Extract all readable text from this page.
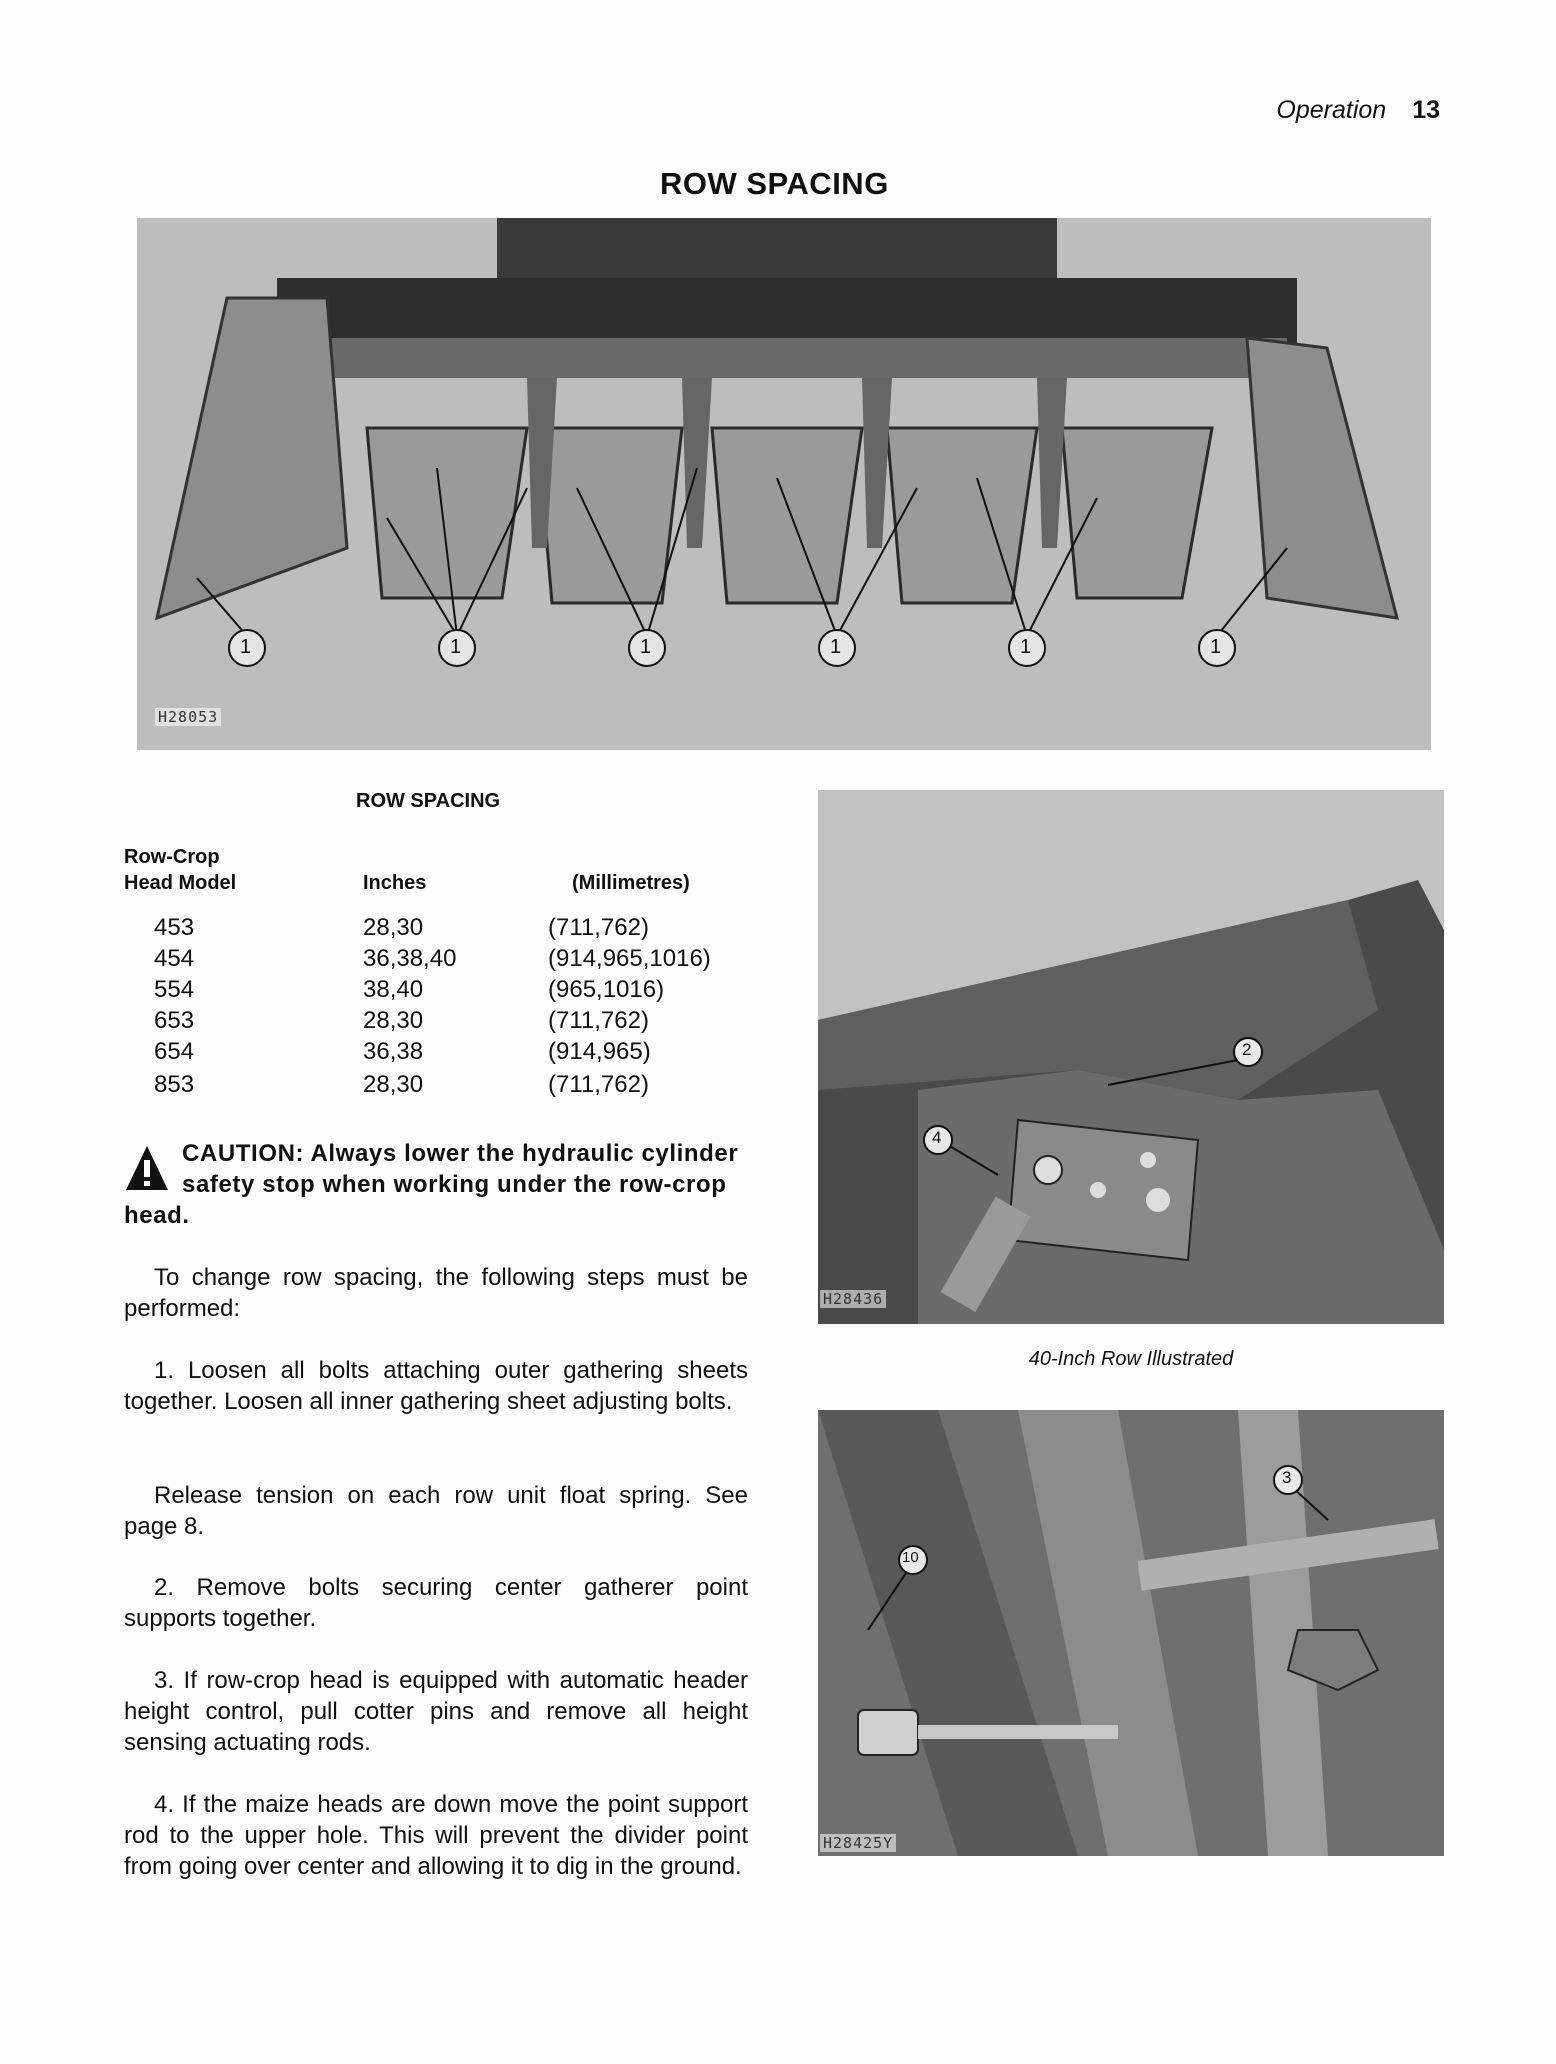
Operation 13
ROW SPACING
1	1	1	1	1	1
H28053
ROW SPACING
Row-Crop
Head Model	Inches	(Millimetres)
453	28,30	(711,762)
454	36,38,40	(914,965,1016)
554	38,40	(965,1016)
653	28,30	(711,762)
654	36,38	(914,965)
853	28,30	(711,762)
CAUTION: Always lower the hydraulic cylinder safety stop when working under the row-crop head.
To change row spacing, the following steps must be performed:
1. Loosen all bolts attaching outer gathering sheets together. Loosen all inner gathering sheet adjusting bolts.
Release tension on each row unit float spring. See page 8.
2. Remove bolts securing center gatherer point supports together.
3. If row-crop head is equipped with automatic header height control, pull cotter pins and remove all height sensing actuating rods.
4. If the maize heads are down move the point support rod to the upper hole. This will prevent the divider point from going over center and allowing it to dig in the ground.
2
4
H28436
40-Inch Row Illustrated
3
10
H28425Y
